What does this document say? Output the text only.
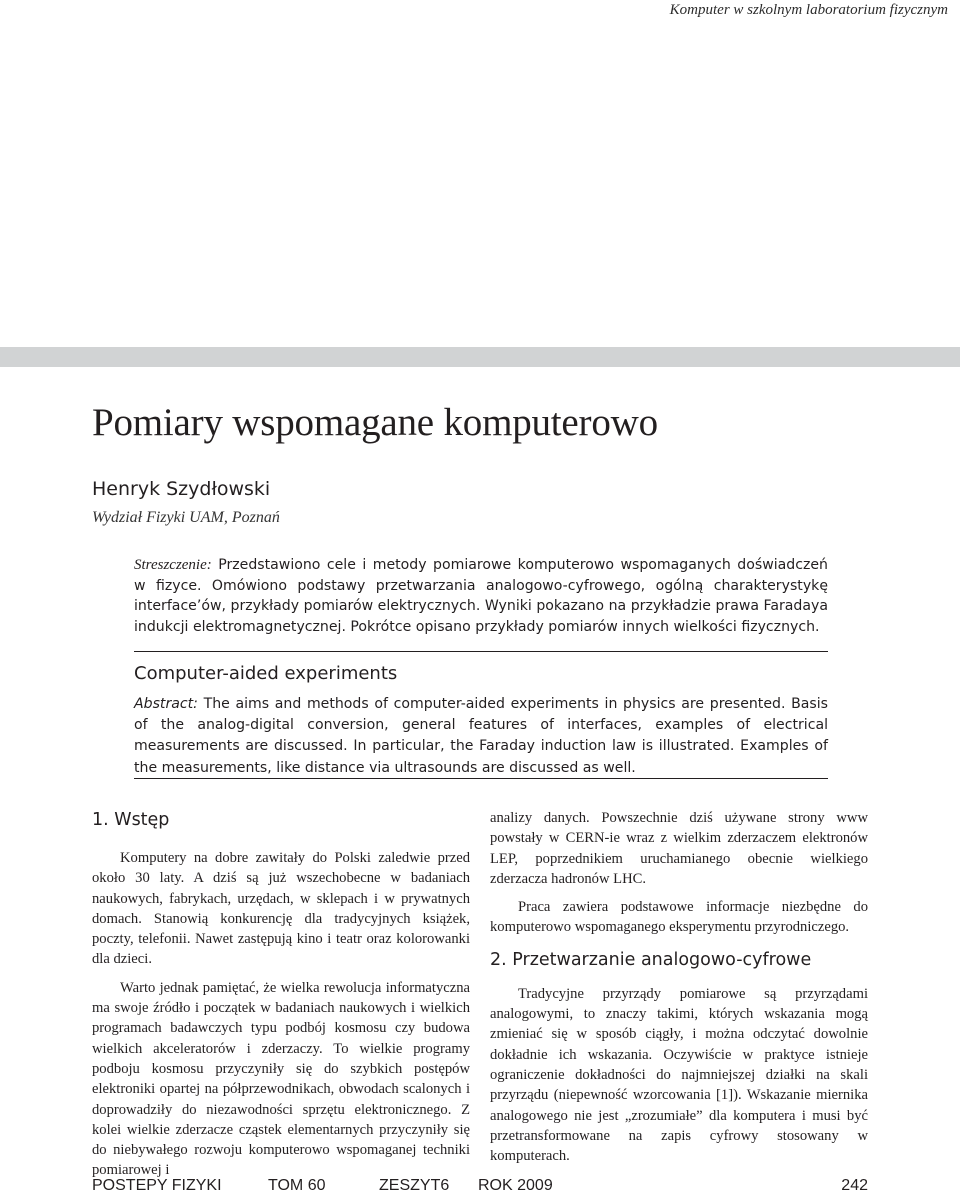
Komputer w szkolnym laboratorium fizycznym
Pomiary wspomagane komputerowo
Henryk Szydłowski
Wydział Fizyki UAM, Poznań
Streszczenie: Przedstawiono cele i metody pomiarowe komputerowo wspomaganych doświadczeń w fizyce. Omówiono podstawy przetwarzania analogowo-cyfrowego, ogólną charakterystykę interface’ów, przykłady pomiarów elektrycznych. Wyniki pokazano na przykładzie prawa Faradaya indukcji elektromagnetycznej. Pokrótce opisano przykłady pomiarów innych wielkości fizycznych.
Computer-aided experiments
Abstract: The aims and methods of computer-aided experiments in physics are presented. Basis of the analog-digital conversion, general features of interfaces, examples of electrical measurements are discussed. In particular, the Faraday induction law is illustrated. Examples of the measurements, like distance via ultrasounds are discussed as well.
1. Wstęp

Komputery na dobre zawitały do Polski zaledwie przed około 30 laty. A dziś są już wszechobecne w badaniach naukowych, fabrykach, urzędach, w sklepach i w prywatnych domach. Stanowią konkurencję dla tradycyjnych książek, poczty, telefonii. Nawet zastępują kino i teatr oraz kolorowanki dla dzieci.

Warto jednak pamiętać, że wielka rewolucja informatyczna ma swoje źródło i początek w badaniach naukowych i wielkich programach badawczych typu podbój kosmosu czy budowa wielkich akceleratorów i zderzaczy. To wielkie programy podboju kosmosu przyczyniły się do szybkich postępów elektroniki opartej na półprzewodnikach, obwodach scalonych i doprowadziły do niezawodności sprzętu elektronicznego. Z kolei wielkie zderzacze cząstek elementarnych przyczyniły się do niebywałego rozwoju komputerowo wspomaganej techniki pomiarowej i

analizy danych. Powszechnie dziś używane strony www powstały w CERN-ie wraz z wielkim zderzaczem elektronów LEP, poprzednikiem uruchamianego obecnie wielkiego zderzacza hadronów LHC.

Praca zawiera podstawowe informacje niezbędne do komputerowo wspomaganego eksperymentu przyrodniczego.

2. Przetwarzanie analogowo-cyfrowe

Tradycyjne przyrządy pomiarowe są przyrządami analogowymi, to znaczy takimi, których wskazania mogą zmieniać się w sposób ciągły, i można odczytać dowolnie dokładnie ich wskazania. Oczywiście w praktyce istnieje ograniczenie dokładności do najmniejszej działki na skali przyrządu (niepewność wzorcowania [1]). Wskazanie miernika analogowego nie jest „zrozumiałe” dla komputera i musi być przetransformowane na zapis cyfrowy stosowany w komputerach.

POSTEPY FIZYKI	TOM 60	ZESZYT6 ROK 2009	242
